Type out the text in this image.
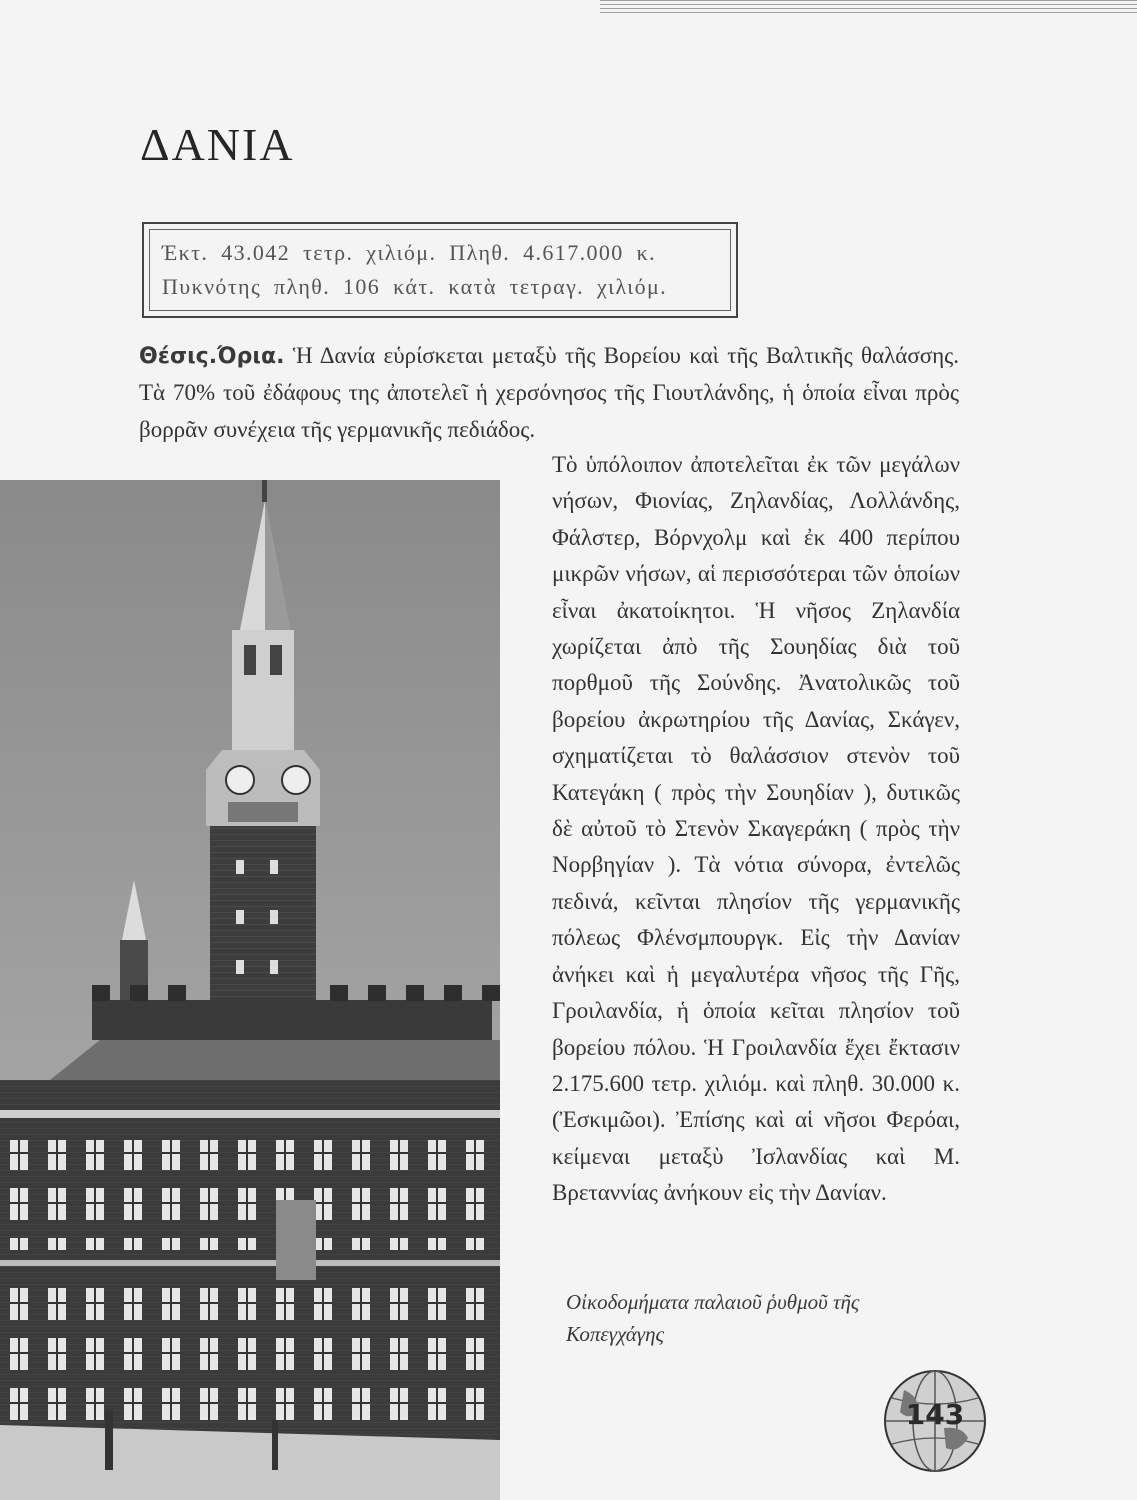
ΔΑΝΙΑ

Έκτ. 43.042 τετρ. χιλιόμ. Πληθ. 4.617.000 κ.

Πυκνότης πληθ. 106 κάτ. κατὰ τετραγ. χιλιόμ.

Θέσις.Όρια. Ἡ Δανία εὑρίσκεται μεταξὺ τῆς Βορείου καὶ τῆς Βαλτικῆς θαλάσσης. Τὰ 70% τοῦ ἐδάφους της ἀποτελεῖ ἡ χερσόνησος τῆς Γιουτλάνδης, ἡ ὁποία εἶναι πρὸς βορρᾶν συνέχεια τῆς γερμανικῆς πεδιάδος.
Τὸ ὑπόλοιπον ἀποτελεῖται ἐκ τῶν μεγάλων νήσων, Φιονίας, Ζηλανδίας, Λολλάνδης, Φάλστερ, Βόρνχολμ καὶ ἐκ 400 περίπου μικρῶν νήσων, αἱ περισσότεραι τῶν ὁποίων εἶναι ἀκατοίκητοι. Ἡ νῆσος Ζηλανδία χωρίζεται ἀπὸ τῆς Σουηδίας διὰ τοῦ πορθμοῦ τῆς Σούνδης. Ἀνατολικῶς τοῦ βορείου ἀκρωτηρίου τῆς Δανίας, Σκάγεν, σχηματίζεται τὸ θαλάσσιον στενὸν τοῦ Κατεγάκη ( πρὸς τὴν Σουηδίαν ), δυτικῶς δὲ αὐτοῦ τὸ Στενὸν Σκαγεράκη ( πρὸς τὴν Νορβηγίαν ). Τὰ νότια σύνορα, ἐντελῶς πεδινά, κεῖνται πλησίον τῆς γερμανικῆς πόλεως Φλένσμπουργκ. Εἰς τὴν Δανίαν ἀνήκει καὶ ἡ μεγαλυτέρα νῆσος τῆς Γῆς, Γροιλανδία, ἡ ὁποία κεῖται πλησίον τοῦ βορείου πόλου. Ἡ Γροιλανδία ἔχει ἔκτασιν 2.175.600 τετρ. χιλιόμ. καὶ πληθ. 30.000 κ. (Ἐσκιμῶοι). Ἐπίσης καὶ αἱ νῆσοι Φερόαι, κείμεναι μεταξὺ Ἰσλανδίας καὶ Μ. Βρεταννίας ἀνήκουν εἰς τὴν Δανίαν.
Οἰκοδομήματα παλαιοῦ ῥυθμοῦ τῆς Κοπεγχάγης
143
